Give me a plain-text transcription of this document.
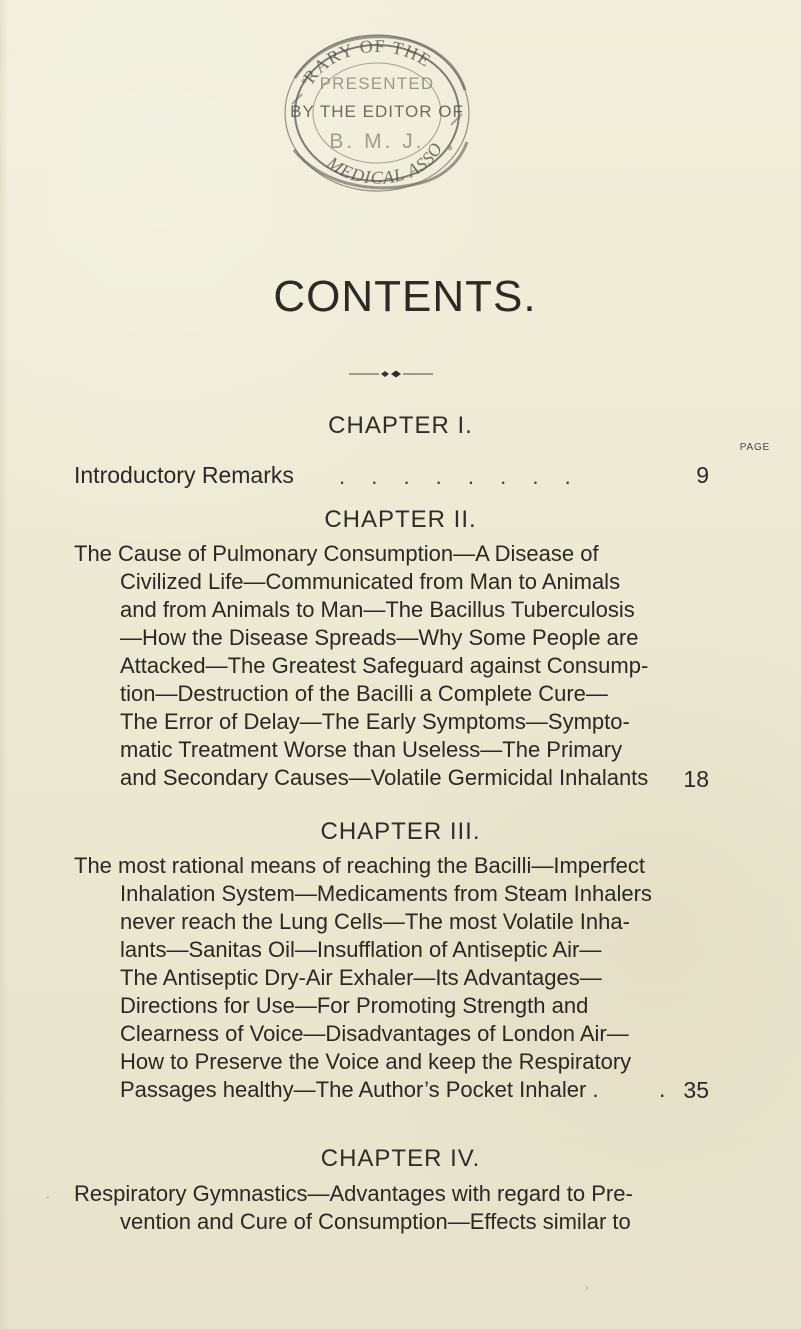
RARY OF THE
PRESENTED
BY THE EDITOR OF
B. M. J.
MEDICAL ASSOC
CONTENTS.
CHAPTER I.
PAGE
Introductory Remarks . . . . . . . .	9
CHAPTER II.
The Cause of Pulmonary Consumption—A Disease of
Civilized Life—Communicated from Man to Animals
and from Animals to Man—The Bacillus Tuberculosis
—How the Disease Spreads—Why Some People are
Attacked—The Greatest Safeguard against Consump-
tion—Destruction of the Bacilli a Complete Cure—
The Error of Delay—The Early Symptoms—Sympto-
matic Treatment Worse than Useless—The Primary
and Secondary Causes—Volatile Germicidal Inhalants	18
CHAPTER III.
The most rational means of reaching the Bacilli—Imperfect
Inhalation System—Medicaments from Steam Inhalers
never reach the Lung Cells—The most Volatile Inha-
lants—Sanitas Oil—Insufflation of Antiseptic Air—
The Antiseptic Dry-Air Exhaler—Its Advantages—
Directions for Use—For Promoting Strength and
Clearness of Voice—Disadvantages of London Air—
How to Preserve the Voice and keep the Respiratory
Passages healthy—The Author’s Pocket Inhaler .	. 35
CHAPTER IV.
Respiratory Gymnastics—Advantages with regard to Pre-
vention and Cure of Consumption—Effects similar to
